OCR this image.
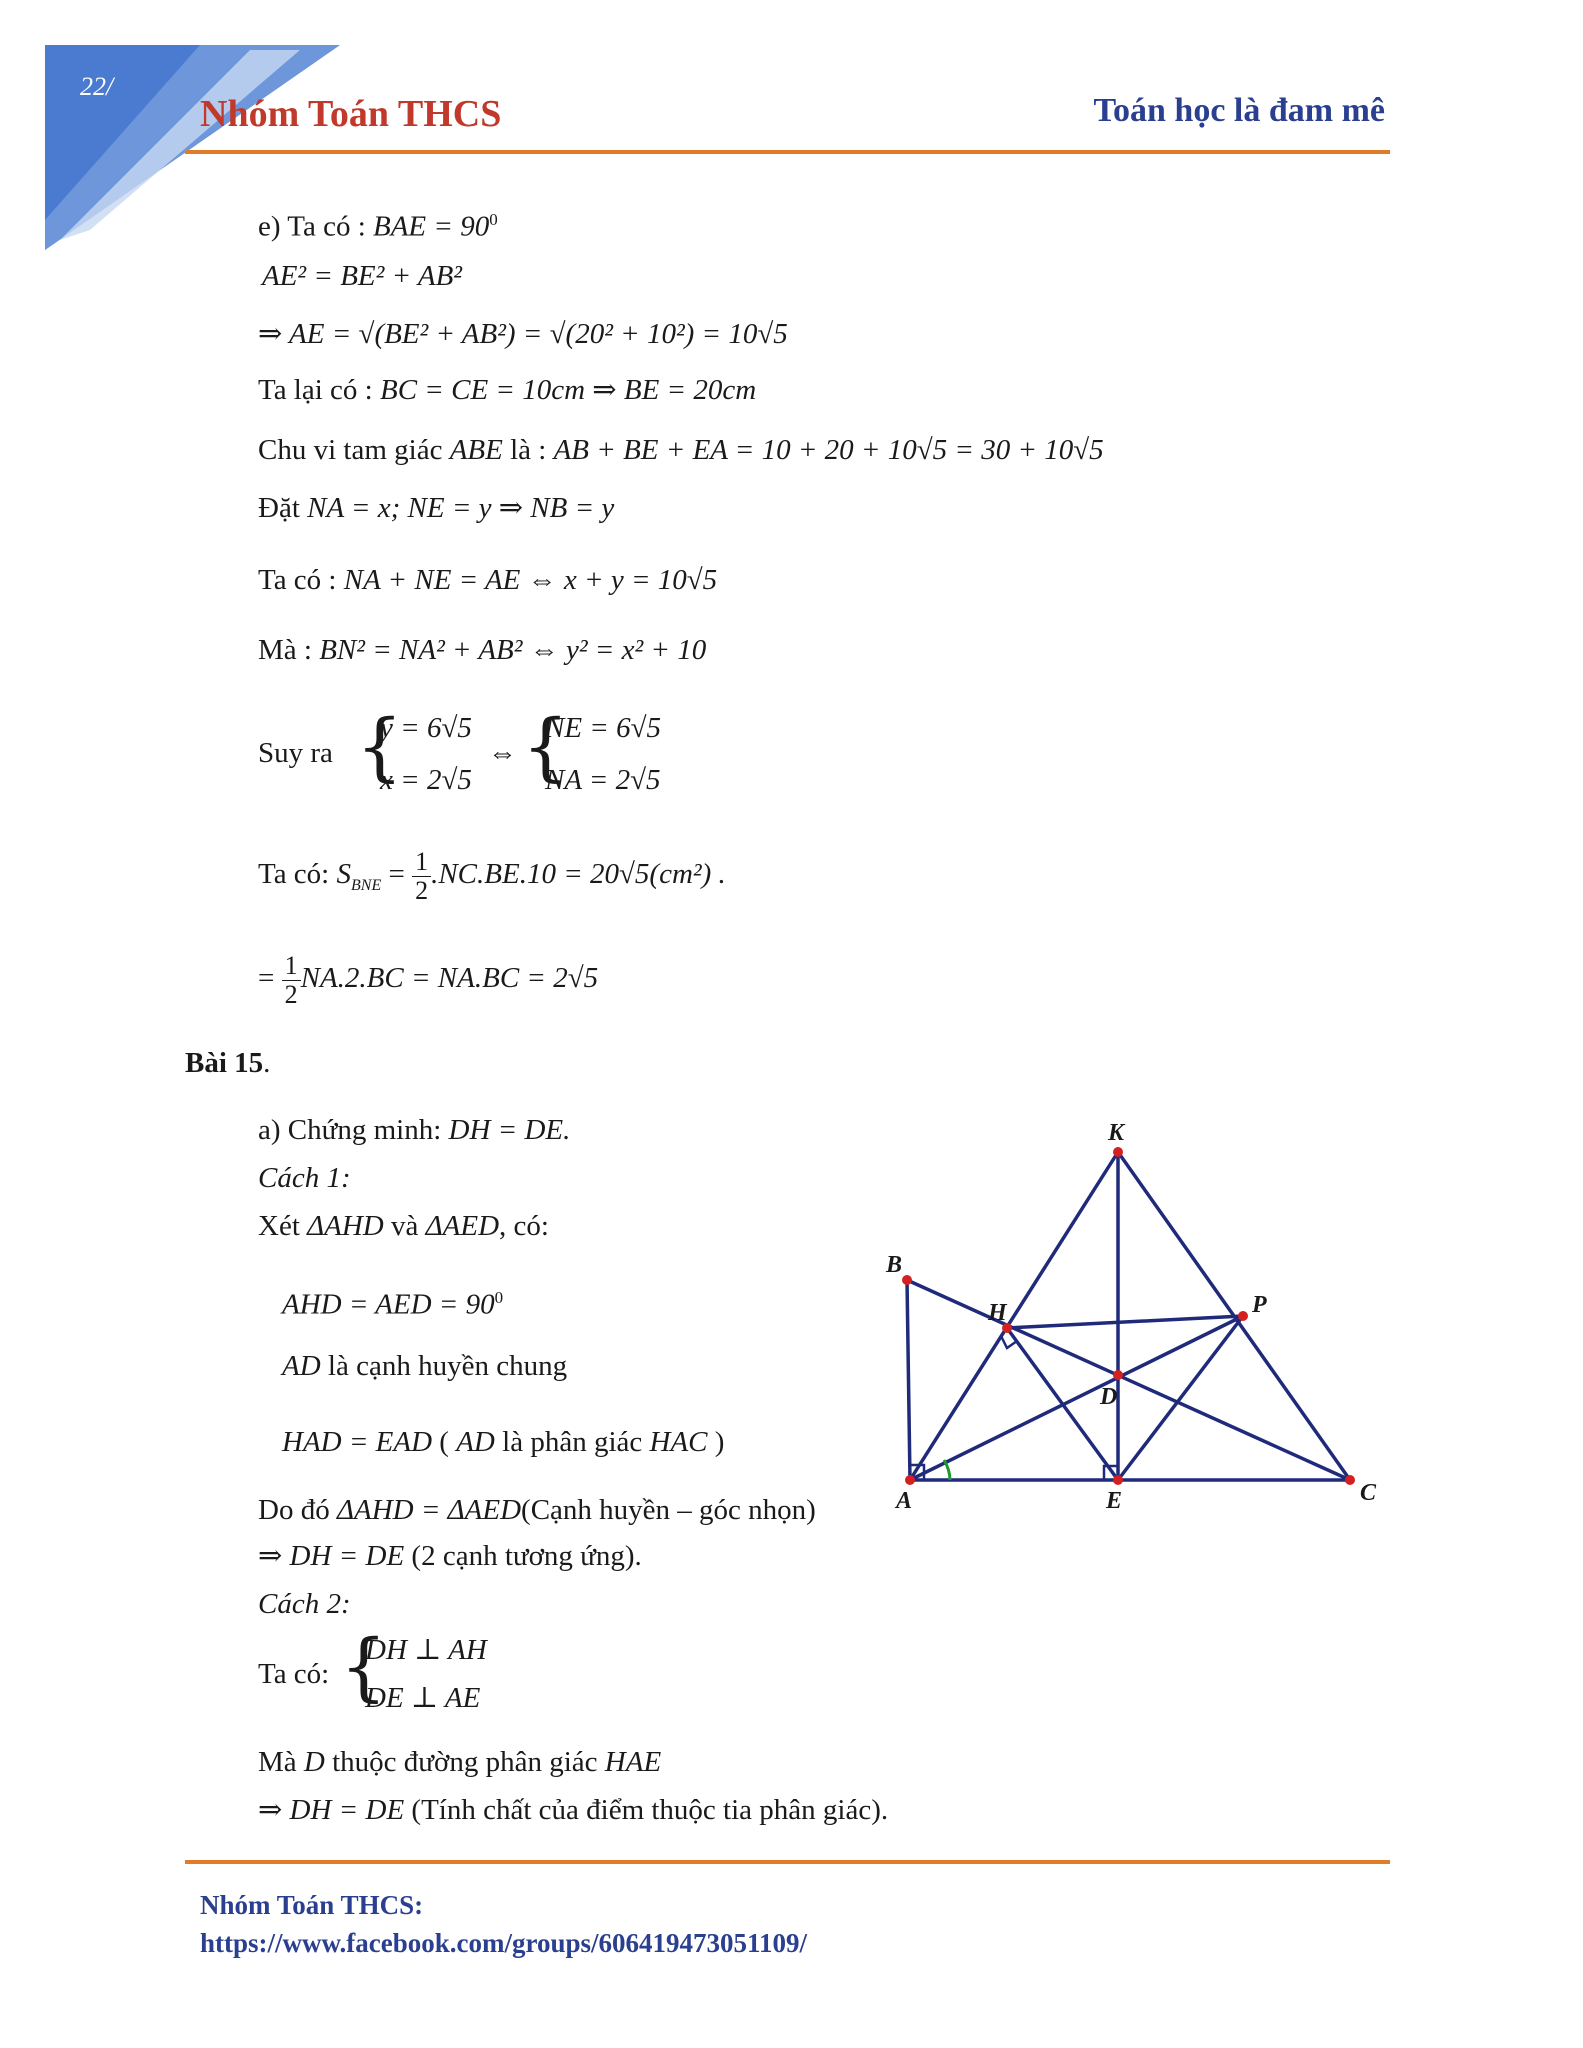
22/
Nhóm Toán THCS	Toán học là đam mê
e) Ta có : BAE = $90^0$
AE² = BE² + AB²
⇒ AE = √(BE² + AB²) = √(20² + 10²) = 10√5
Ta lại có : BC = CE = 10cm ⇒ BE = 20cm
Chu vi tam giác ABE là : AB + BE + EA = 10 + 20 + 10√5 = 30 + 10√5
Đặt NA = x; NE = y ⇒ NB = y
Ta có : NA + NE = AE ⇔ x + y = 10√5
Mà : BN² = NA² + AB² ⇔ y² = x² + 10
Suy ra {
y = 6√5
x = 2√5
⇔ {
NE = 6√5
NA = 2√5
Ta có: $S_{BNE} = \frac{1}{2} .NC.BE.10 = 20√5(cm^2)$ .
= $\frac{1}{2} NA.2.BC = NA.BC = 2√5$
Bài 15.
a) Chứng minh: DH = DE.
Cách 1:
Xét ΔAHD và ΔAED, có:
AHD = AED = $90^0$
AD là cạnh huyền chung
HAD = EAD ( AD là phân giác HAC )
Do đó ΔAHD = ΔAED(Cạnh huyền – góc nhọn)
⇒ DH = DE (2 cạnh tương ứng).
Cách 2:
Ta có: {
DH ⊥ AH
DE ⊥ AE
Mà D thuộc đường phân giác HAE
⇒ DH = DE (Tính chất của điểm thuộc tia phân giác).
K
B
H	P
D
A	E	C
Nhóm Toán THCS:
https://www.facebook.com/groups/606419473051109/
